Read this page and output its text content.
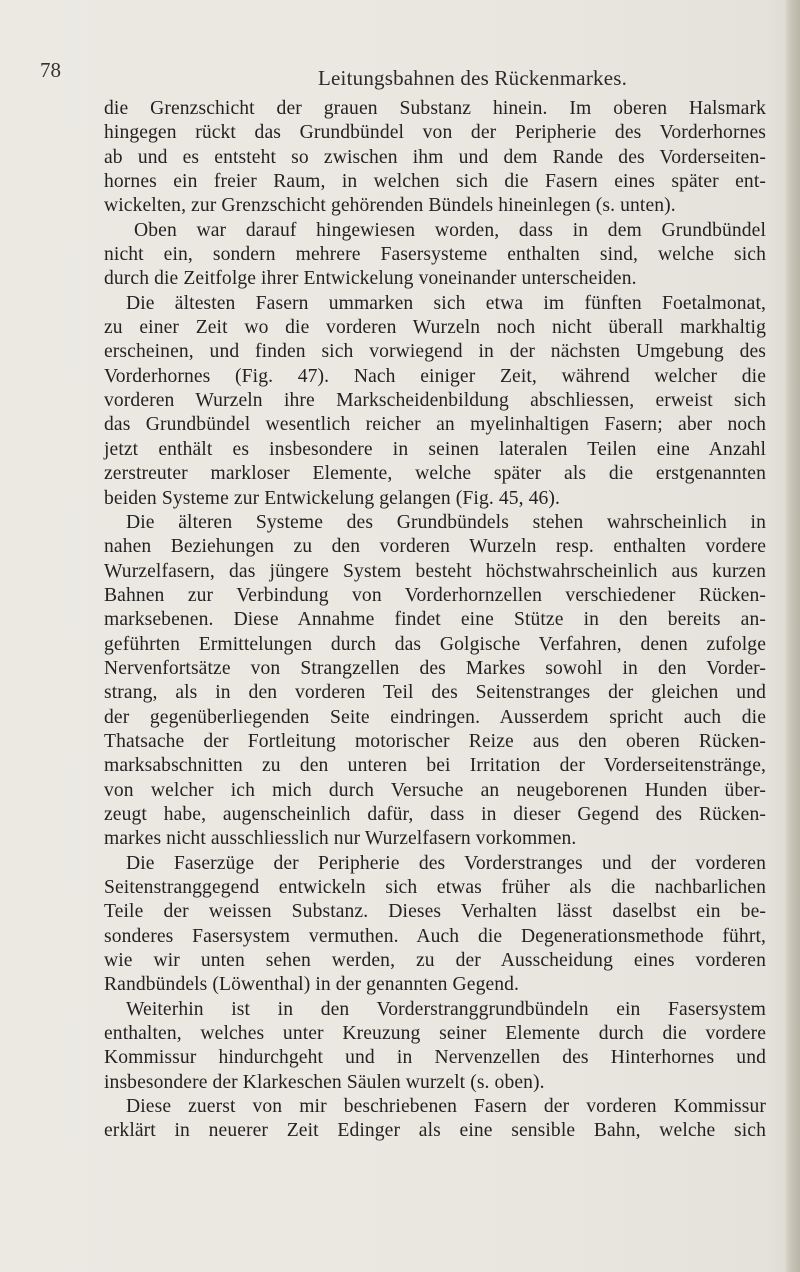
78	Leitungsbahnen des Rückenmarkes.
die Grenzschicht der grauen Substanz hinein. Im oberen Halsmark
hingegen rückt das Grundbündel von der Peripherie des Vorderhornes
ab und es entsteht so zwischen ihm und dem Rande des Vorderseiten-
hornes ein freier Raum, in welchen sich die Fasern eines später ent-
wickelten, zur Grenzschicht gehörenden Bündels hineinlegen (s. unten).
Oben war darauf hingewiesen worden, dass in dem Grundbündel
nicht ein, sondern mehrere Fasersysteme enthalten sind, welche sich
durch die Zeitfolge ihrer Entwickelung voneinander unterscheiden.
Die ältesten Fasern ummarken sich etwa im fünften Foetalmonat,
zu einer Zeit wo die vorderen Wurzeln noch nicht überall markhaltig
erscheinen, und finden sich vorwiegend in der nächsten Umgebung des
Vorderhornes (Fig. 47). Nach einiger Zeit, während welcher die
vorderen Wurzeln ihre Markscheidenbildung abschliessen, erweist sich
das Grundbündel wesentlich reicher an myelinhaltigen Fasern; aber noch
jetzt enthält es insbesondere in seinen lateralen Teilen eine Anzahl
zerstreuter markloser Elemente, welche später als die erstgenannten
beiden Systeme zur Entwickelung gelangen (Fig. 45, 46).
Die älteren Systeme des Grundbündels stehen wahrscheinlich in
nahen Beziehungen zu den vorderen Wurzeln resp. enthalten vordere
Wurzelfasern, das jüngere System besteht höchstwahrscheinlich aus kurzen
Bahnen zur Verbindung von Vorderhornzellen verschiedener Rücken-
marksebenen. Diese Annahme findet eine Stütze in den bereits an-
geführten Ermittelungen durch das Golgische Verfahren, denen zufolge
Nervenfortsätze von Strangzellen des Markes sowohl in den Vorder-
strang, als in den vorderen Teil des Seitenstranges der gleichen und
der gegenüberliegenden Seite eindringen. Ausserdem spricht auch die
Thatsache der Fortleitung motorischer Reize aus den oberen Rücken-
marksabschnitten zu den unteren bei Irritation der Vorderseitenstränge,
von welcher ich mich durch Versuche an neugeborenen Hunden über-
zeugt habe, augenscheinlich dafür, dass in dieser Gegend des Rücken-
markes nicht ausschliesslich nur Wurzelfasern vorkommen.
Die Faserzüge der Peripherie des Vorderstranges und der vorderen
Seitenstranggegend entwickeln sich etwas früher als die nachbarlichen
Teile der weissen Substanz. Dieses Verhalten lässt daselbst ein be-
sonderes Fasersystem vermuthen. Auch die Degenerationsmethode führt,
wie wir unten sehen werden, zu der Ausscheidung eines vorderen
Randbündels (Löwenthal) in der genannten Gegend.
Weiterhin ist in den Vorderstranggrundbündeln ein Fasersystem
enthalten, welches unter Kreuzung seiner Elemente durch die vordere
Kommissur hindurchgeht und in Nervenzellen des Hinterhornes und
insbesondere der Klarkeschen Säulen wurzelt (s. oben).
Diese zuerst von mir beschriebenen Fasern der vorderen Kommissur
erklärt in neuerer Zeit Edinger als eine sensible Bahn, welche sich
